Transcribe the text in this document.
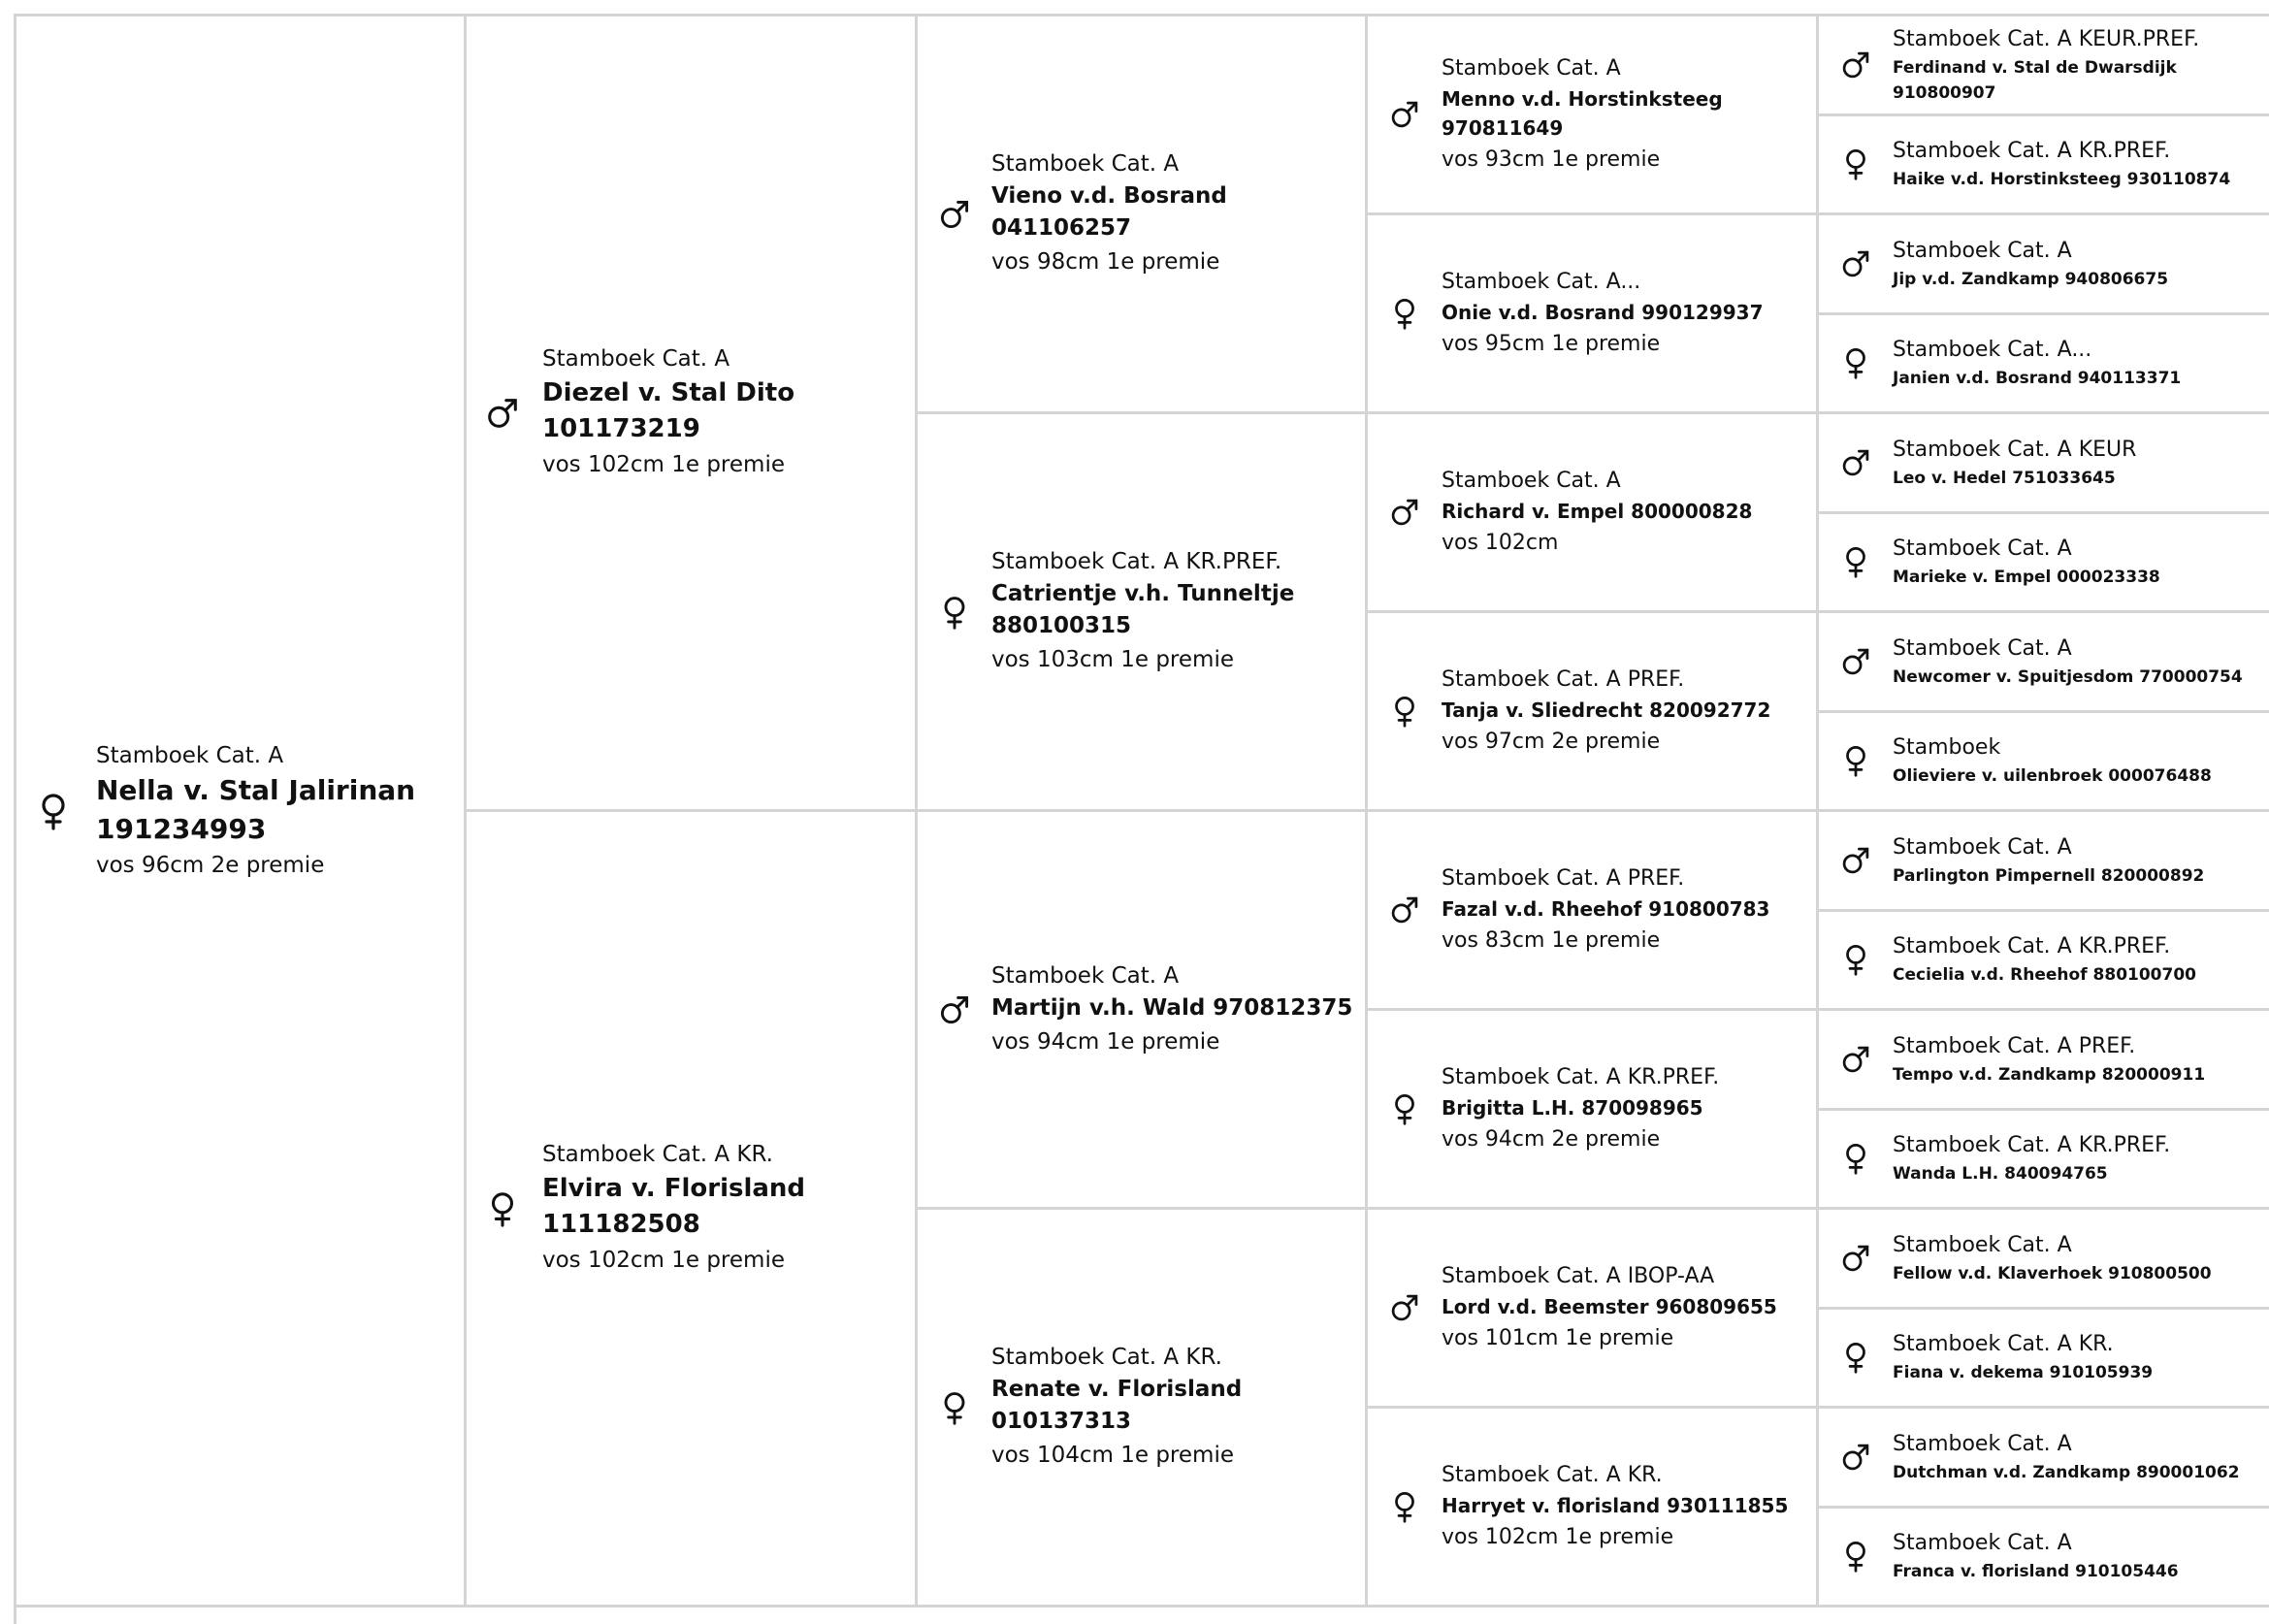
Stamboek Cat. A
Nella v. Stal Jalirinan 191234993
vos 96cm 2e premie
Stamboek Cat. A
Diezel v. Stal Dito 101173219
vos 102cm 1e premie
Stamboek Cat. A
Vieno v.d. Bosrand 041106257
vos 98cm 1e premie
Stamboek Cat. A
Menno v.d. Horstinksteeg 970811649
vos 93cm 1e premie
Stamboek Cat. A KEUR.PREF.
Ferdinand v. Stal de Dwarsdijk 910800907
Stamboek Cat. A KR.PREF.
Haike v.d. Horstinksteeg 930110874
Stamboek Cat. A...
Onie v.d. Bosrand 990129937
vos 95cm 1e premie
Stamboek Cat. A
Jip v.d. Zandkamp 940806675
Stamboek Cat. A...
Janien v.d. Bosrand 940113371
Stamboek Cat. A KR.PREF.
Catrientje v.h. Tunneltje 880100315
vos 103cm 1e premie
Stamboek Cat. A
Richard v. Empel 800000828
vos 102cm
Stamboek Cat. A KEUR
Leo v. Hedel 751033645
Stamboek Cat. A
Marieke v. Empel 000023338
Stamboek Cat. A PREF.
Tanja v. Sliedrecht 820092772
vos 97cm 2e premie
Stamboek Cat. A
Newcomer v. Spuitjesdom 770000754
Stamboek
Olieviere v. uilenbroek 000076488
Stamboek Cat. A KR.
Elvira v. Florisland 111182508
vos 102cm 1e premie
Stamboek Cat. A
Martijn v.h. Wald 970812375
vos 94cm 1e premie
Stamboek Cat. A PREF.
Fazal v.d. Rheehof 910800783
vos 83cm 1e premie
Stamboek Cat. A
Parlington Pimpernell 820000892
Stamboek Cat. A KR.PREF.
Cecielia v.d. Rheehof 880100700
Stamboek Cat. A KR.PREF.
Brigitta L.H. 870098965
vos 94cm 2e premie
Stamboek Cat. A PREF.
Tempo v.d. Zandkamp 820000911
Stamboek Cat. A KR.PREF.
Wanda L.H. 840094765
Stamboek Cat. A KR.
Renate v. Florisland 010137313
vos 104cm 1e premie
Stamboek Cat. A IBOP-AA
Lord v.d. Beemster 960809655
vos 101cm 1e premie
Stamboek Cat. A
Fellow v.d. Klaverhoek 910800500
Stamboek Cat. A KR.
Fiana v. dekema 910105939
Stamboek Cat. A KR.
Harryet v. florisland 930111855
vos 102cm 1e premie
Stamboek Cat. A
Dutchman v.d. Zandkamp 890001062
Stamboek Cat. A
Franca v. florisland 910105446
